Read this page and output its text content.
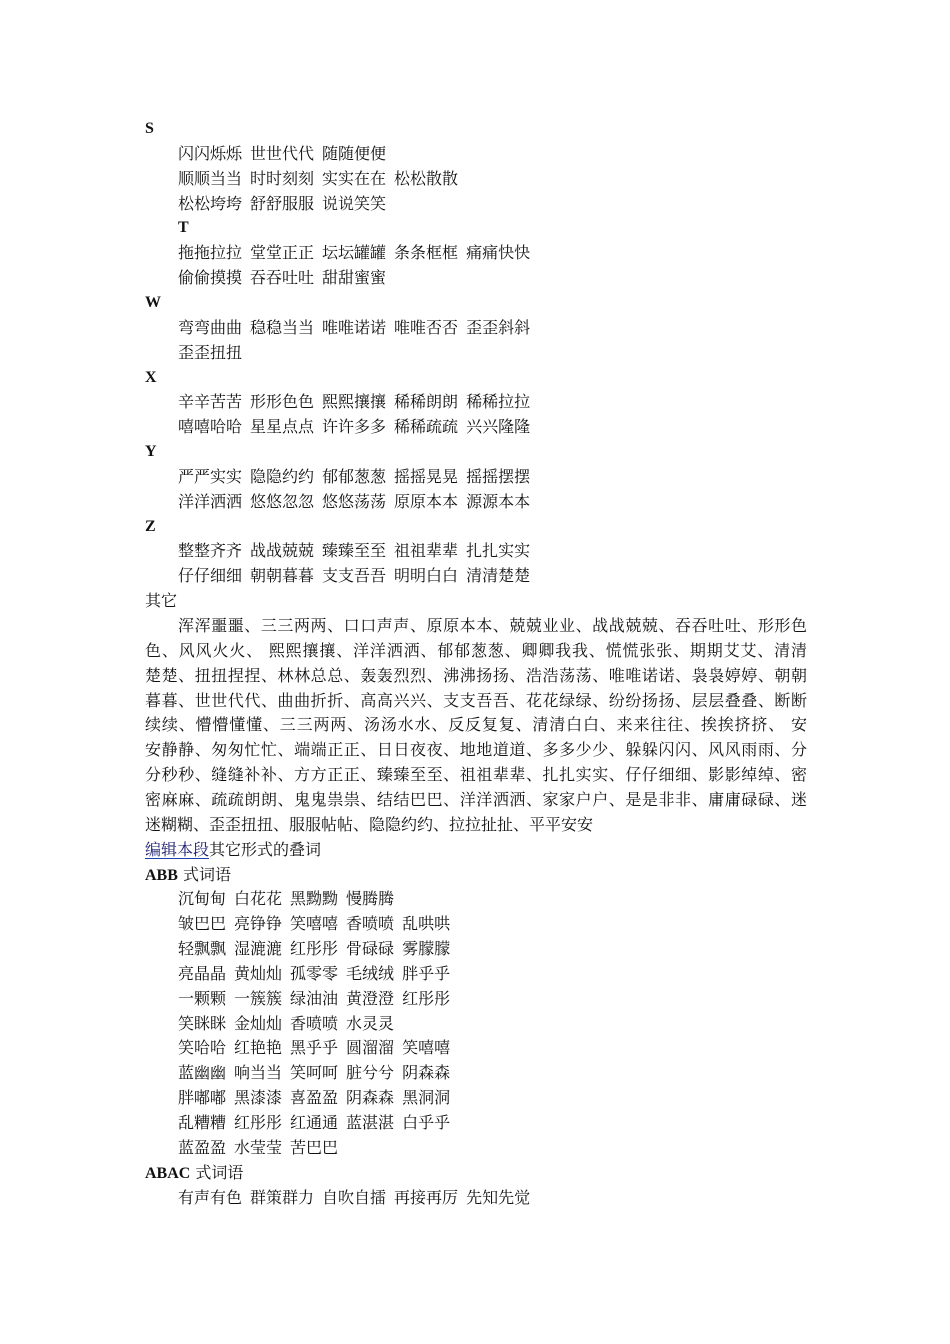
S
闪闪烁烁 世世代代 随随便便
顺顺当当 时时刻刻 实实在在 松松散散
松松垮垮 舒舒服服 说说笑笑
T
拖拖拉拉 堂堂正正 坛坛罐罐 条条框框 痛痛快快
偷偷摸摸 吞吞吐吐 甜甜蜜蜜
W
弯弯曲曲 稳稳当当 唯唯诺诺 唯唯否否 歪歪斜斜
歪歪扭扭
X
辛辛苦苦 形形色色 熙熙攘攘 稀稀朗朗 稀稀拉拉
嘻嘻哈哈 星星点点 许许多多 稀稀疏疏 兴兴隆隆
Y
严严实实 隐隐约约 郁郁葱葱 摇摇晃晃 摇摇摆摆
洋洋洒洒 悠悠忽忽 悠悠荡荡 原原本本 源源本本
Z
整整齐齐 战战兢兢 臻臻至至 祖祖辈辈 扎扎实实
仔仔细细 朝朝暮暮 支支吾吾 明明白白 清清楚楚
其它
浑浑噩噩、三三两两、口口声声、原原本本、兢兢业业、战战兢兢、吞吞吐吐、形形色
色、风风火火、 熙熙攘攘、洋洋洒洒、郁郁葱葱、卿卿我我、慌慌张张、期期艾艾、清清
楚楚、扭扭捏捏、林林总总、轰轰烈烈、沸沸扬扬、浩浩荡荡、唯唯诺诺、袅袅婷婷、朝朝
暮暮、世世代代、曲曲折折、高高兴兴、支支吾吾、花花绿绿、纷纷扬扬、层层叠叠、断断
续续、懵懵懂懂、三三两两、汤汤水水、反反复复、清清白白、来来往往、挨挨挤挤、 安
安静静、匆匆忙忙、端端正正、日日夜夜、地地道道、多多少少、躲躲闪闪、风风雨雨、分
分秒秒、缝缝补补、方方正正、臻臻至至、祖祖辈辈、扎扎实实、仔仔细细、影影绰绰、密
密麻麻、疏疏朗朗、鬼鬼祟祟、结结巴巴、洋洋洒洒、家家户户、是是非非、庸庸碌碌、迷
迷糊糊、歪歪扭扭、服服帖帖、隐隐约约、拉拉扯扯、平平安安
编辑本段其它形式的叠词
ABB 式词语
沉甸甸 白花花 黑黝黝 慢腾腾
皱巴巴 亮铮铮 笑嘻嘻 香喷喷 乱哄哄
轻飘飘 湿漉漉 红彤彤 骨碌碌 雾朦朦
亮晶晶 黄灿灿 孤零零 毛绒绒 胖乎乎
一颗颗 一簇簇 绿油油 黄澄澄 红彤彤
笑眯眯 金灿灿 香喷喷 水灵灵
笑哈哈 红艳艳 黑乎乎 圆溜溜 笑嘻嘻
蓝幽幽 响当当 笑呵呵 脏兮兮 阴森森
胖嘟嘟 黑漆漆 喜盈盈 阴森森 黑洞洞
乱糟糟 红彤彤 红通通 蓝湛湛 白乎乎
蓝盈盈 水莹莹 苦巴巴
ABAC 式词语
有声有色 群策群力 自吹自擂 再接再厉 先知先觉
